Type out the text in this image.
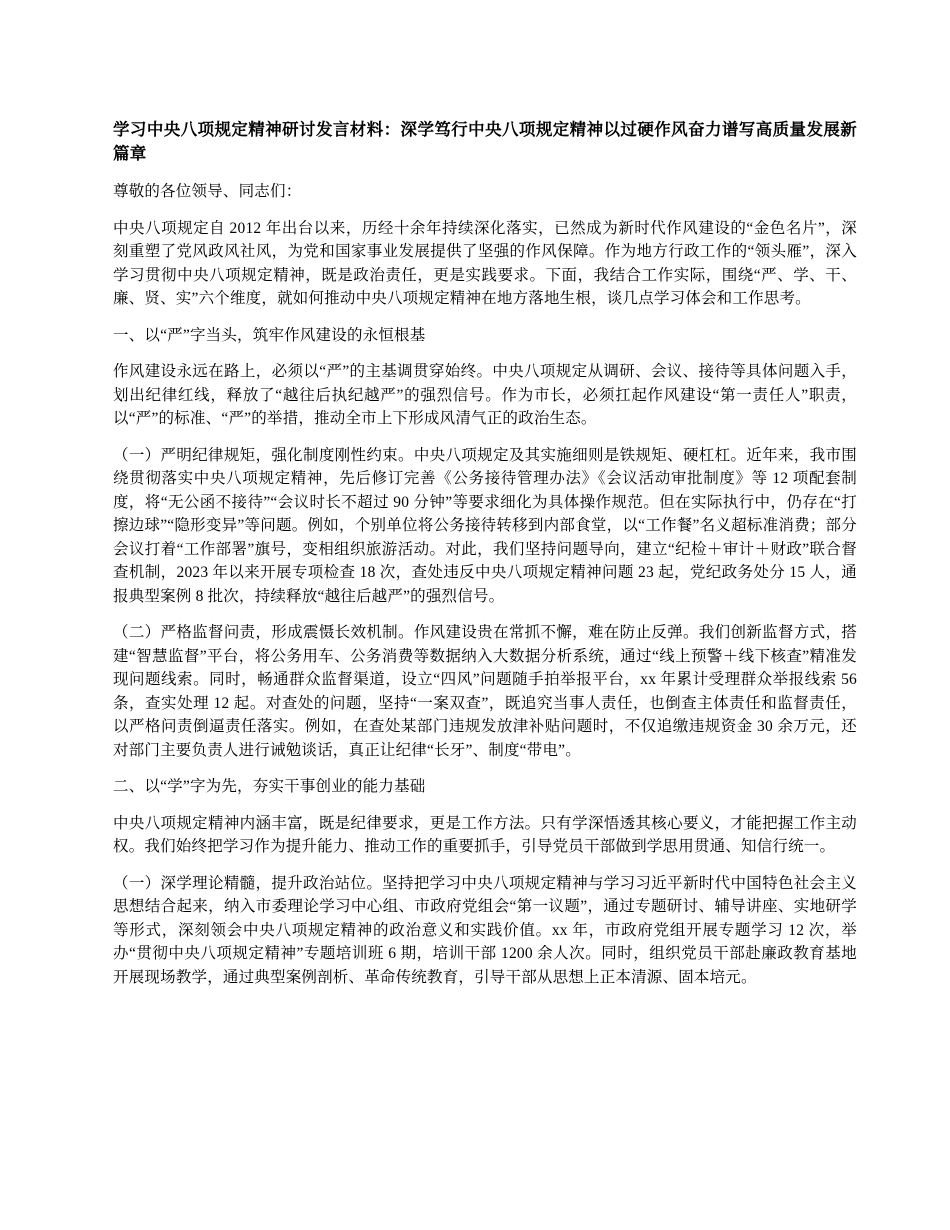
学习中央八项规定精神研讨发言材料：深学笃行中央八项规定精神以过硬作风奋力谱写高质量发展新篇章

尊敬的各位领导、同志们：

中央八项规定自 2012 年出台以来，历经十余年持续深化落实，已然成为新时代作风建设的“金色名片”，深刻重塑了党风政风社风，为党和国家事业发展提供了坚强的作风保障。作为地方行政工作的“领头雁”，深入学习贯彻中央八项规定精神，既是政治责任，更是实践要求。下面，我结合工作实际，围绕“严、学、干、廉、贤、实”六个维度，就如何推动中央八项规定精神在地方落地生根，谈几点学习体会和工作思考。

一、以“严”字当头，筑牢作风建设的永恒根基

作风建设永远在路上，必须以“严”的主基调贯穿始终。中央八项规定从调研、会议、接待等具体问题入手，划出纪律红线，释放了“越往后执纪越严”的强烈信号。作为市长，必须扛起作风建设“第一责任人”职责，以“严”的标准、“严”的举措，推动全市上下形成风清气正的政治生态。

（一）严明纪律规矩，强化制度刚性约束。中央八项规定及其实施细则是铁规矩、硬杠杠。近年来，我市围绕贯彻落实中央八项规定精神，先后修订完善《公务接待管理办法》《会议活动审批制度》等 12 项配套制度，将“无公函不接待”“会议时长不超过 90 分钟”等要求细化为具体操作规范。但在实际执行中，仍存在“打擦边球”“隐形变异”等问题。例如，个别单位将公务接待转移到内部食堂，以“工作餐”名义超标准消费；部分会议打着“工作部署”旗号，变相组织旅游活动。对此，我们坚持问题导向，建立“纪检＋审计＋财政”联合督查机制，2023 年以来开展专项检查 18 次，查处违反中央八项规定精神问题 23 起，党纪政务处分 15 人，通报典型案例 8 批次，持续释放“越往后越严”的强烈信号。

（二）严格监督问责，形成震慑长效机制。作风建设贵在常抓不懈，难在防止反弹。我们创新监督方式，搭建“智慧监督”平台，将公务用车、公务消费等数据纳入大数据分析系统，通过“线上预警＋线下核查”精准发现问题线索。同时，畅通群众监督渠道，设立“四风”问题随手拍举报平台，xx 年累计受理群众举报线索 56 条，查实处理 12 起。对查处的问题，坚持“一案双查”，既追究当事人责任，也倒查主体责任和监督责任，以严格问责倒逼责任落实。例如，在查处某部门违规发放津补贴问题时，不仅追缴违规资金 30 余万元，还对部门主要负责人进行诫勉谈话，真正让纪律“长牙”、制度“带电”。

二、以“学”字为先，夯实干事创业的能力基础

中央八项规定精神内涵丰富，既是纪律要求，更是工作方法。只有学深悟透其核心要义，才能把握工作主动权。我们始终把学习作为提升能力、推动工作的重要抓手，引导党员干部做到学思用贯通、知信行统一。

（一）深学理论精髓，提升政治站位。坚持把学习中央八项规定精神与学习习近平新时代中国特色社会主义思想结合起来，纳入市委理论学习中心组、市政府党组会“第一议题”，通过专题研讨、辅导讲座、实地研学等形式，深刻领会中央八项规定精神的政治意义和实践价值。xx 年，市政府党组开展专题学习 12 次，举办“贯彻中央八项规定精神”专题培训班 6 期，培训干部 1200 余人次。同时，组织党员干部赴廉政教育基地开展现场教学，通过典型案例剖析、革命传统教育，引导干部从思想上正本清源、固本培元。
